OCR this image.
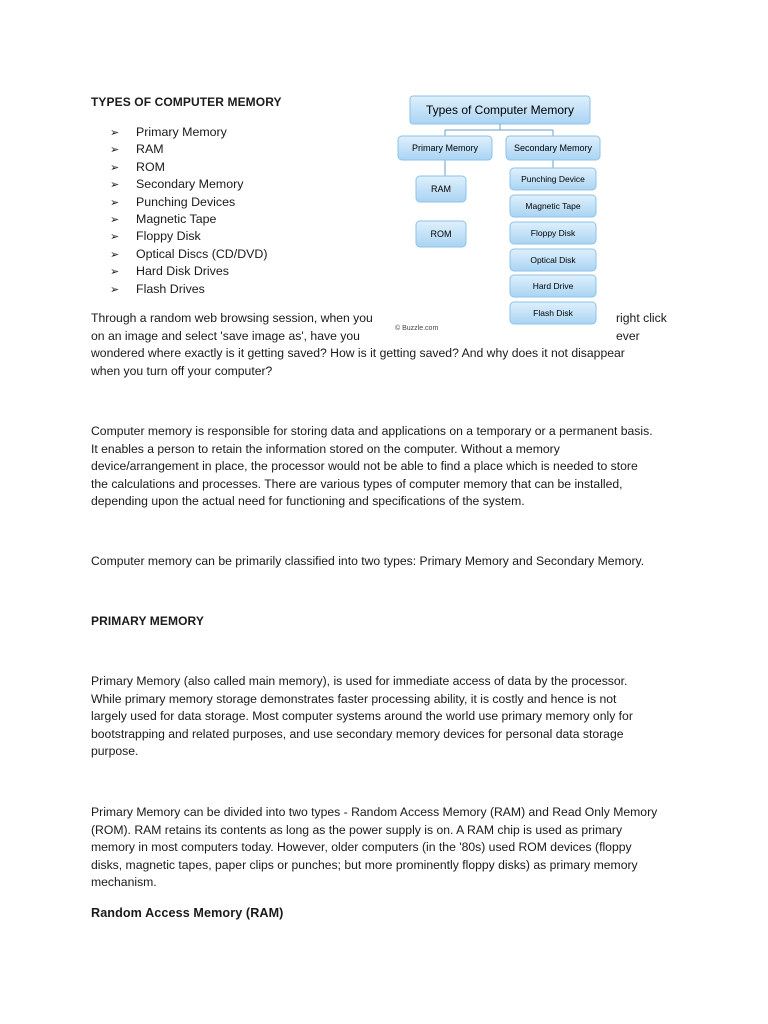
TYPES OF COMPUTER MEMORY
➢ Primary Memory
➢ RAM
➢ ROM
➢ Secondary Memory
➢ Punching Devices
➢ Magnetic Tape
➢ Floppy Disk
➢ Optical Discs (CD/DVD)
➢ Hard Disk Drives
➢ Flash Drives
Types of Computer Memory
Primary Memory	Secondary Memory
RAM
ROM
Punching Device
Magnetic Tape
Floppy Disk
Optical Disk
Hard Drive
Flash Disk
© Buzzle.com
Through a random web browsing session, when you	right click
on an image and select 'save image as', have you	ever
wondered where exactly is it getting saved? How is it getting saved? And why does it not disappear
when you turn off your computer?
Computer memory is responsible for storing data and applications on a temporary or a permanent basis.
It enables a person to retain the information stored on the computer. Without a memory
device/arrangement in place, the processor would not be able to find a place which is needed to store
the calculations and processes. There are various types of computer memory that can be installed,
depending upon the actual need for functioning and specifications of the system.
Computer memory can be primarily classified into two types: Primary Memory and Secondary Memory.
PRIMARY MEMORY
Primary Memory (also called main memory), is used for immediate access of data by the processor.
While primary memory storage demonstrates faster processing ability, it is costly and hence is not
largely used for data storage. Most computer systems around the world use primary memory only for
bootstrapping and related purposes, and use secondary memory devices for personal data storage
purpose.
Primary Memory can be divided into two types - Random Access Memory (RAM) and Read Only Memory
(ROM). RAM retains its contents as long as the power supply is on. A RAM chip is used as primary
memory in most computers today. However, older computers (in the '80s) used ROM devices (floppy
disks, magnetic tapes, paper clips or punches; but more prominently floppy disks) as primary memory
mechanism.
Random Access Memory (RAM)
